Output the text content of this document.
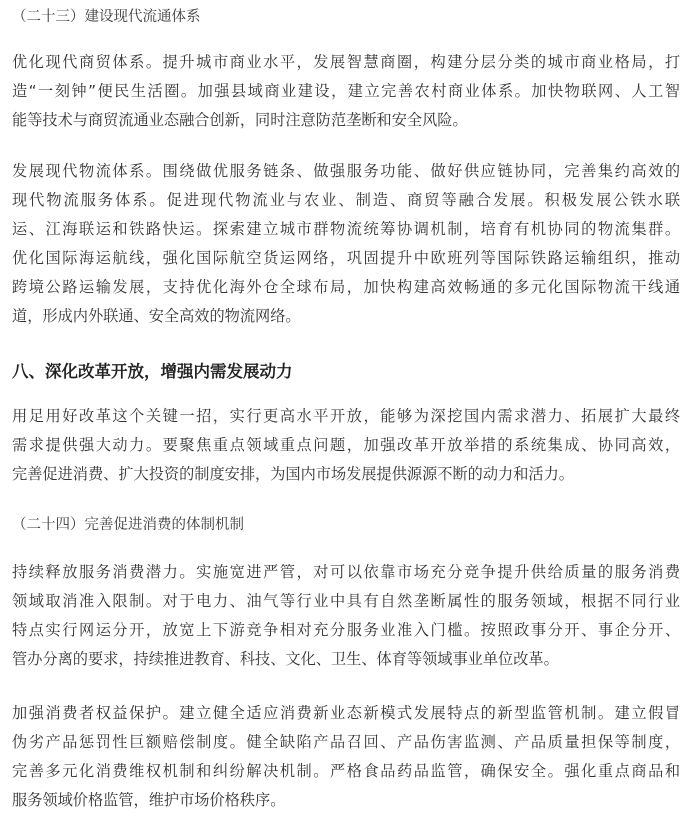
（二十三）建设现代流通体系
优化现代商贸体系。提升城市商业水平，发展智慧商圈，构建分层分类的城市商业格局，打
造“一刻钟”便民生活圈。加强县域商业建设，建立完善农村商业体系。加快物联网、人工智
能等技术与商贸流通业态融合创新，同时注意防范垄断和安全风险。
发展现代物流体系。围绕做优服务链条、做强服务功能、做好供应链协同，完善集约高效的
现代物流服务体系。促进现代物流业与农业、制造、商贸等融合发展。积极发展公铁水联
运、江海联运和铁路快运。探索建立城市群物流统筹协调机制，培育有机协同的物流集群。
优化国际海运航线，强化国际航空货运网络，巩固提升中欧班列等国际铁路运输组织，推动
跨境公路运输发展，支持优化海外仓全球布局，加快构建高效畅通的多元化国际物流干线通
道，形成内外联通、安全高效的物流网络。
八、深化改革开放，增强内需发展动力
用足用好改革这个关键一招，实行更高水平开放，能够为深挖国内需求潜力、拓展扩大最终
需求提供强大动力。要聚焦重点领域重点问题，加强改革开放举措的系统集成、协同高效，
完善促进消费、扩大投资的制度安排，为国内市场发展提供源源不断的动力和活力。
（二十四）完善促进消费的体制机制
持续释放服务消费潜力。实施宽进严管，对可以依靠市场充分竞争提升供给质量的服务消费
领域取消准入限制。对于电力、油气等行业中具有自然垄断属性的服务领域，根据不同行业
特点实行网运分开，放宽上下游竞争相对充分服务业准入门槛。按照政事分开、事企分开、
管办分离的要求，持续推进教育、科技、文化、卫生、体育等领域事业单位改革。
加强消费者权益保护。建立健全适应消费新业态新模式发展特点的新型监管机制。建立假冒
伪劣产品惩罚性巨额赔偿制度。健全缺陷产品召回、产品伤害监测、产品质量担保等制度，
完善多元化消费维权机制和纠纷解决机制。严格食品药品监管，确保安全。强化重点商品和
服务领域价格监管，维护市场价格秩序。
